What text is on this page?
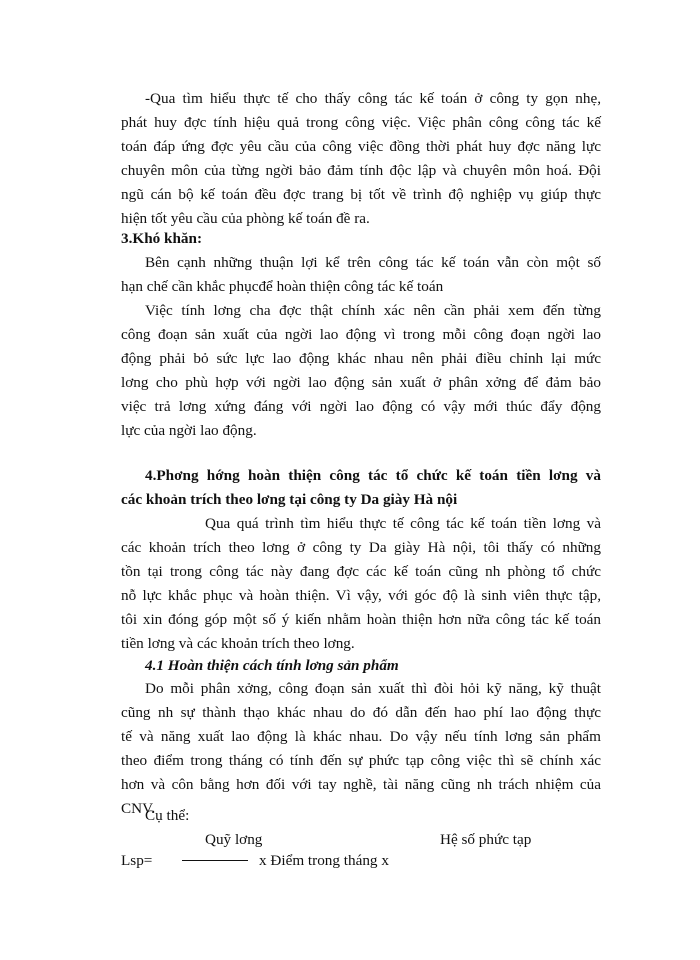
-Qua tìm hiểu thực tế cho thấy công tác kế toán ở công ty gọn nhẹ,
phát huy đợc tính hiệu quả trong công việc. Việc phân công công tác kế
toán đáp ứng đợc yêu cầu của công việc đồng thời phát huy đợc năng lực
chuyên môn của từng ngời bảo đảm tính độc lập và chuyên môn hoá. Đội
ngũ cán bộ kế toán đều đợc trang bị tốt về trình độ nghiệp vụ giúp thực
hiện tốt yêu cầu của phòng kế toán đề ra.
3.Khó khăn:
Bên cạnh những thuận lợi kể trên công tác kế toán vẫn còn một số
hạn chế cần khắc phụcđể hoàn thiện công tác kế toán
Việc tính lơng cha đợc thật chính xác nên cần phải xem đến từng
công đoạn sản xuất của ngời lao động vì trong mỗi công đoạn ngời lao
động phải bỏ sức lực lao động khác nhau nên phải điều chỉnh lại mức
lơng cho phù hợp với ngời lao động sản xuất ở phân xởng để đảm bảo
việc trả lơng xứng đáng với ngời lao động có vậy mới thúc đẩy động
lực của ngời lao động.
4.Phơng hớng hoàn thiện công tác tổ chức kế toán tiền lơng và
các khoản trích theo lơng tại công ty Da giày Hà nội
Qua quá trình tìm hiểu thực tế công tác kế toán tiền lơng và
các khoản trích theo lơng ở công ty Da giày Hà nội, tôi thấy có những
tồn tại trong công tác này đang đợc các kế toán cũng nh phòng tổ chức
nỗ lực khắc phục và hoàn thiện. Vì vậy, với góc độ là sinh viên thực tập,
tôi xin đóng góp một số ý kiến nhằm hoàn thiện hơn nữa công tác kế toán
tiền lơng và các khoản trích theo lơng.
4.1 Hoàn thiện cách tính lơng sản phẩm
Do mỗi phân xởng, công đoạn sản xuất thì đòi hỏi kỹ năng, kỹ thuật
cũng nh sự thành thạo khác nhau do đó dẫn đến hao phí lao động thực
tế và năng xuất lao động là khác nhau. Do vậy nếu tính lơng sản phẩm
theo điểm trong tháng có tính đến sự phức tạp công việc thì sẽ chính xác
hơn và côn bằng hơn đối với tay nghề, tài năng cũng nh trách nhiệm của
CNV.
Cụ thể:
Quỹ lơng	Hệ số phức tạp
Lsp=	x Điểm trong tháng x
